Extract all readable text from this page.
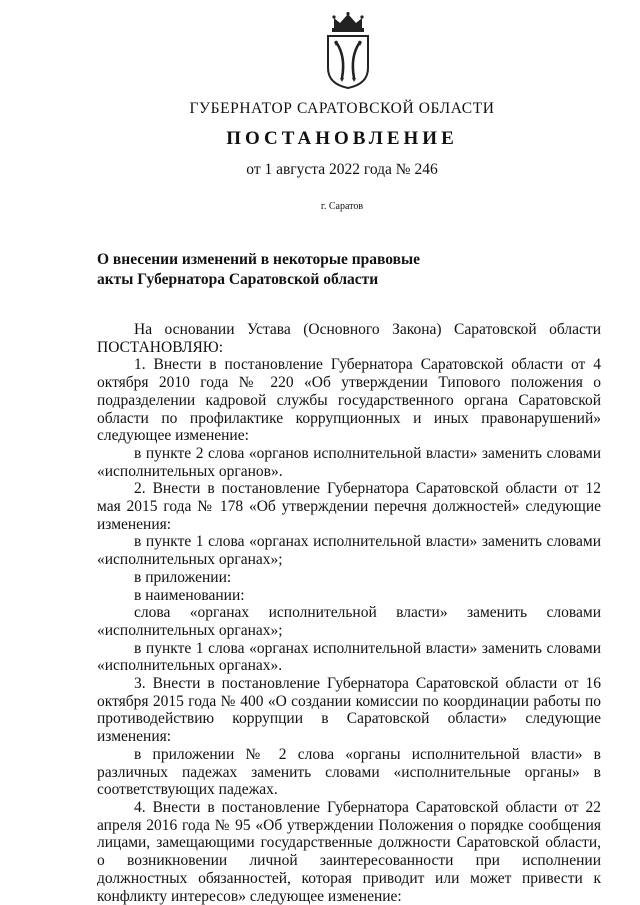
ГУБЕРНАТОР САРАТОВСКОЙ ОБЛАСТИ
ПОСТАНОВЛЕНИЕ
от 1 августа 2022 года № 246
г. Саратов
О внесении изменений в некоторые правовые
акты Губернатора Саратовской области

На основании Устава (Основного Закона) Саратовской области

ПОСТАНОВЛЯЮ:

1. Внести в постановление Губернатора Саратовской области от 4 октября 2010 года № 220 «Об утверждении Типового положения о подразделении кадровой службы государственного органа Саратовской области по профилактике коррупционных и иных правонарушений» следующее изменение:

в пункте 2 слова «органов исполнительной власти» заменить словами «исполнительных органов».

2. Внести в постановление Губернатора Саратовской области от 12 мая 2015 года № 178 «Об утверждении перечня должностей» следующие изменения:

в пункте 1 слова «органах исполнительной власти» заменить словами «исполнительных органах»;

в приложении:

в наименовании:

слова «органах исполнительной власти» заменить словами «исполнительных органах»;

в пункте 1 слова «органах исполнительной власти» заменить словами «исполнительных органах».

3. Внести в постановление Губернатора Саратовской области от 16 октября 2015 года № 400 «О создании комиссии по координации работы по противодействию коррупции в Саратовской области» следующие изменения:

в приложении № 2 слова «органы исполнительной власти» в различных падежах заменить словами «исполнительные органы» в соответствующих падежах.

4. Внести в постановление Губернатора Саратовской области от 22 апреля 2016 года № 95 «Об утверждении Положения о порядке сообщения лицами, замещающими государственные должности Саратовской области, о возникновении личной заинтересованности при исполнении должностных обязанностей, которая приводит или может привести к конфликту интересов» следующее изменение:
